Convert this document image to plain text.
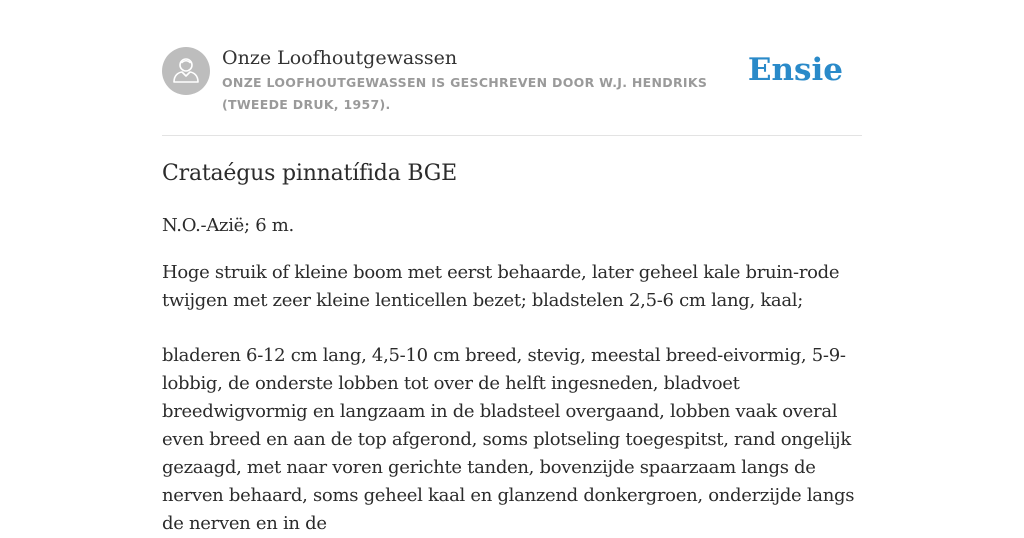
Onze Loofhoutgewassen
ONZE LOOFHOUTGEWASSEN IS GESCHREVEN DOOR W.J. HENDRIKS (TWEEDE DRUK, 1957).
Ensie
Crataégus pinnatífida BGE

N.O.-Azië; 6 m.

Hoge struik of kleine boom met eerst behaarde, later geheel kale bruin-rode twijgen met zeer kleine lenticellen bezet; bladstelen 2,5-6 cm lang, kaal;

bladeren 6-12 cm lang, 4,5-10 cm breed, stevig, meestal breed-eivormig, 5-9-lobbig, de onderste lobben tot over de helft ingesneden, bladvoet breedwigvormig en langzaam in de bladsteel overgaand, lobben vaak overal even breed en aan de top afgerond, soms plotseling toegespitst, rand ongelijk gezaagd, met naar voren gerichte tanden, bovenzijde spaarzaam langs de nerven behaard, soms geheel kaal en glanzend donkergroen, onderzijde langs de nerven en in de
